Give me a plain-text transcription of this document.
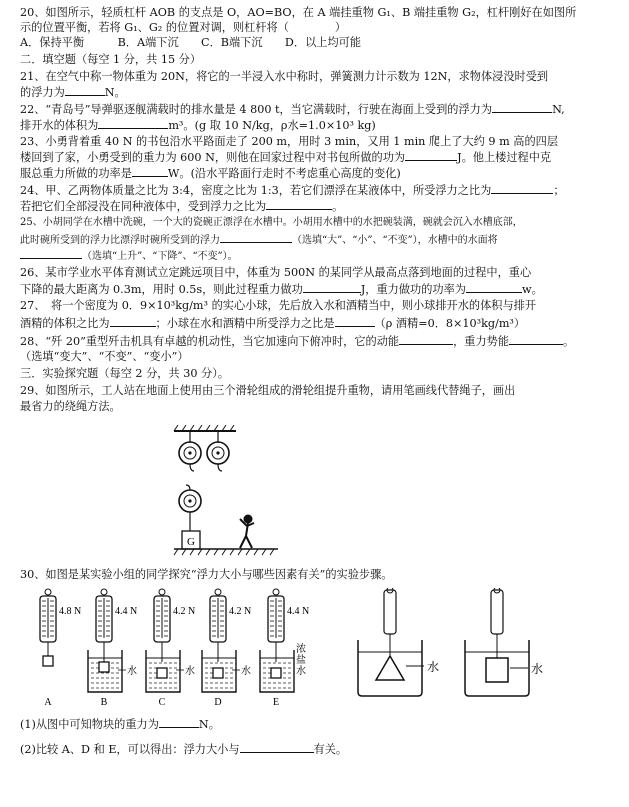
20、如图所示，轻质杠杆 AOB 的支点是 O，AO=BO，在 A 端挂重物 G₁、B 端挂重物 G₂，杠杆刚好在如图所
示的位置平衡，若将 G₁、G₂ 的位置对调，则杠杆将（	）
A．保持平衡　　　B．A端下沉　　C．B端下沉　　D．以上均可能
二．填空题（每空 1 分，共 15 分）
21、在空气中称一物体重为 20N，将它的一半浸入水中称时，弹簧测力计示数为 12N，求物体浸没时受到
的浮力为	N。
22、“青岛号”导弹驱逐舰满载时的排水量是 4 800 t，当它满载时，行驶在海面上受到的浮力为	N,
排开水的体积为	m³。(g 取 10 N/kg，ρ水=1.0×10³ kg)
23、小勇背着重 40 N 的书包沿水平路面走了 200 m，用时 3 min，又用 1 min 爬上了大约 9 m 高的四层
楼回到了家，小勇受到的重力为 600 N，则他在回家过程中对书包所做的功为	J。他上楼过程中克
服总重力所做的功率是	W。(沿水平路面行走时不考虑重心高度的变化)
24、甲、乙两物体质量之比为 3:4，密度之比为 1:3，若它们漂浮在某液体中，所受浮力之比为	；
若把它们全部浸没在同种液体中，受到浮力之比为	。
25、小胡同学在水槽中洗碗，一个大的瓷碗正漂浮在水槽中。小胡用水槽中的水把碗装满，碗就会沉入水槽底部，
此时碗所受到的浮力比漂浮时碗所受到的浮力	（选填“大”、“小”、“不变”），水槽中的水面将
（选填“上升”、“下降”、“不变”）。
26、某市学业水平体育测试立定跳远项目中，体重为 500N 的某同学从最高点落到地面的过程中，重心
下降的最大距离为 0.3m，用时 0.5s，则此过程重力做功	J，重力做功的功率为	w。
27、　将一个密度为 0．9×10³kg/m³ 的实心小球，先后放入水和酒精当中，则小球排开水的体积与排开
酒精的体积之比为	；小球在水和酒精中所受浮力之比是	（ρ 酒精=0．8×10³kg/m³）
28、“歼 20”重型歼击机具有卓越的机动性，当它加速向下俯冲时，它的动能	，重力势能	。
（选填“变大”、“不变”、“变小”）
三．实验探究题（每空 2 分，共 30 分）。
29、如图所示，工人站在地面上使用由三个滑轮组成的滑轮组提升重物，请用笔画线代替绳子，画出
最省力的绕绳方法。
G
30、如图是某实验小组的同学探究“浮力大小与哪些因素有关”的实验步骤。
4.8 N
A
4.4 N
水
B
4.2 N
水
C
4.2 N
水
D
4.4 N
浓
盐
水
E
水	水
(1)从图中可知物块的重力为	N。
(2)比较 A、D 和 E，可以得出：浮力大小与	有关。
